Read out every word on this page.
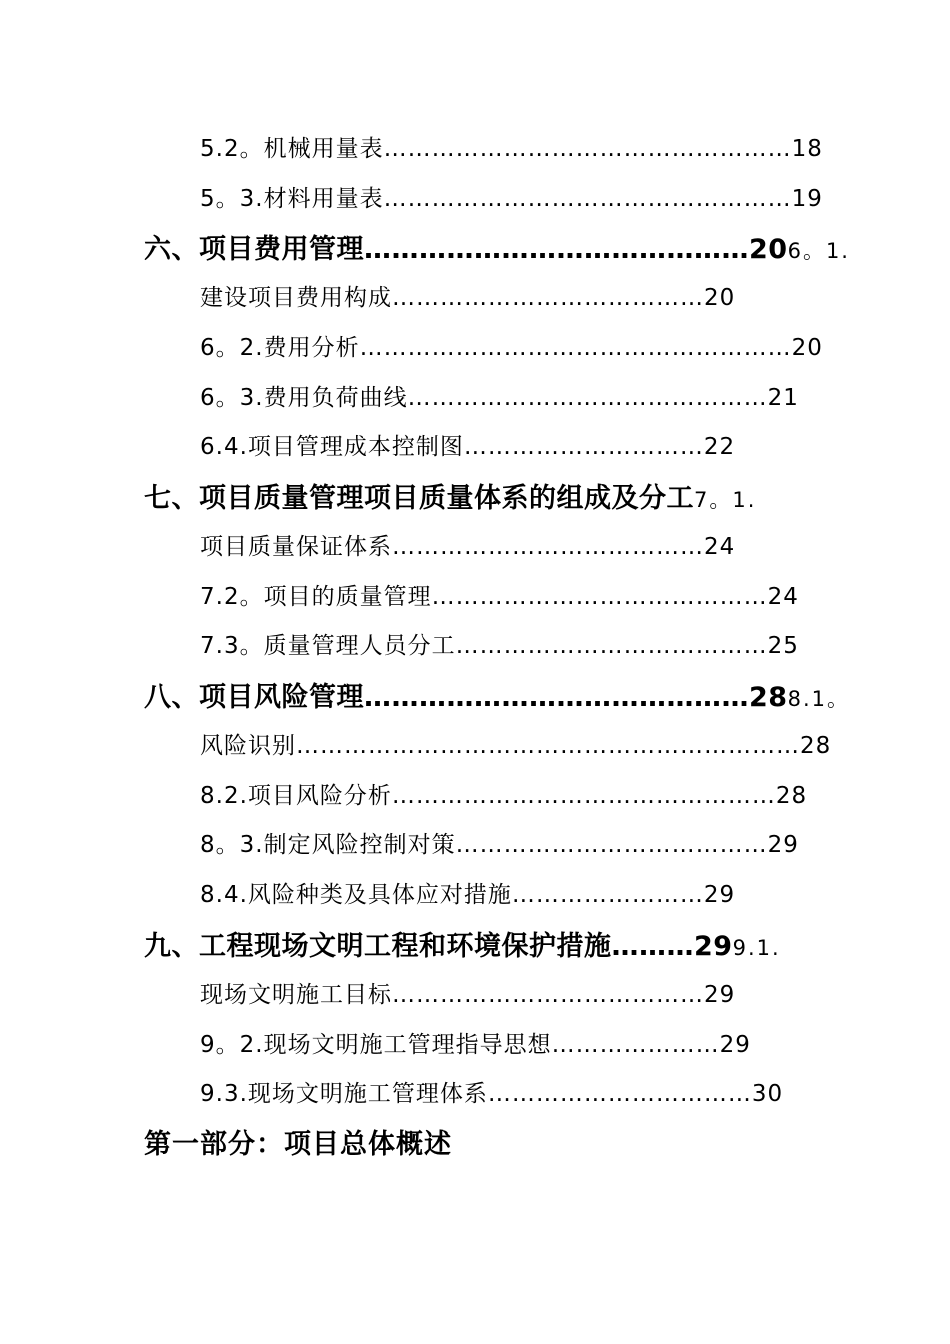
5.2。机械用量表……………………………………………18
5。3.材料用量表……………………………………………19
六、项目费用管理……………………………………206。1.
建设项目费用构成…………………………………20
6。2.费用分析………………………………………………20
6。3.费用负荷曲线………………………………………21
6.4.项目管理成本控制图…………………………22
七、项目质量管理项目质量体系的组成及分工7。1.
项目质量保证体系…………………………………24
7.2。项目的质量管理……………………………………24
7.3。质量管理人员分工…………………………………25
八、项目风险管理……………………………………288.1。
风险识别………………………………………………………28
8.2.项目风险分析…………………………………………28
8。3.制定风险控制对策…………………………………29
8.4.风险种类及具体应对措施……………………29
九、工程现场文明工程和环境保护措施………299.1.
现场文明施工目标…………………………………29
9。2.现场文明施工管理指导思想…………………29
9.3.现场文明施工管理体系……………………………30
第一部分：项目总体概述
